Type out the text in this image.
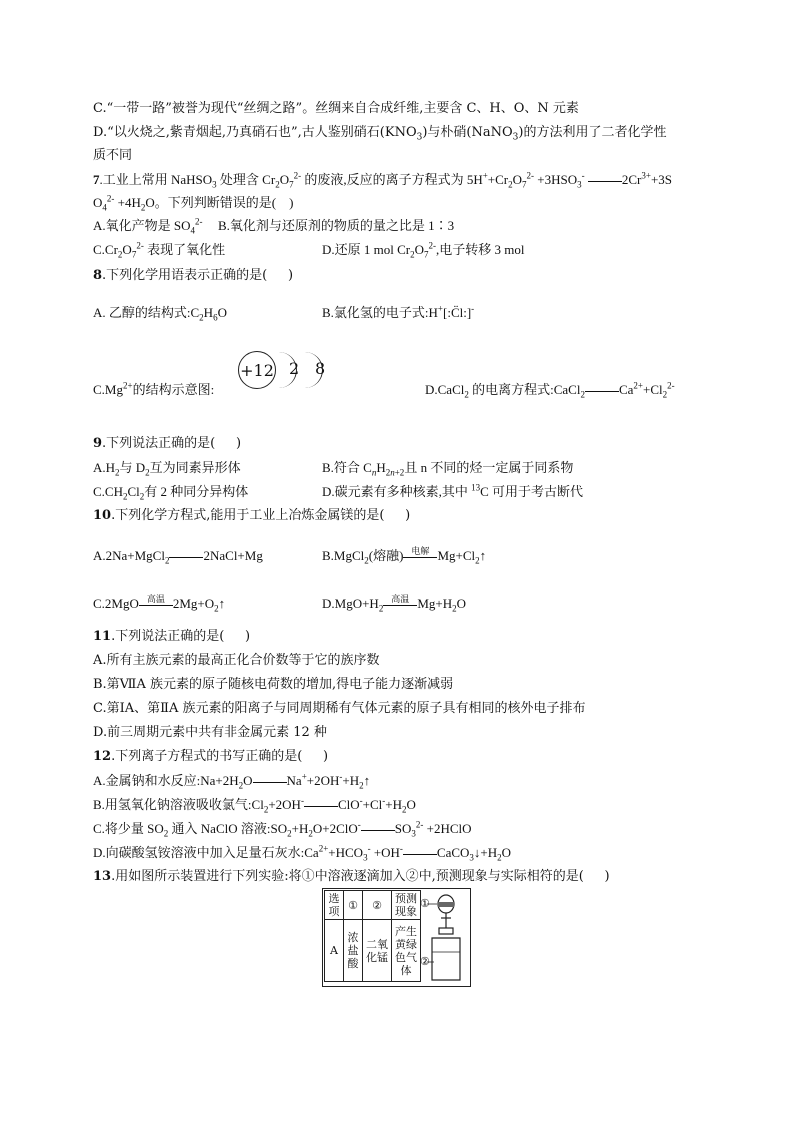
C.“一带一路”被誉为现代“丝绸之路”。丝绸来自合成纤维,主要含 C、H、O、N 元素
D.“以火烧之,紫青烟起,乃真硝石也”,古人鉴别硝石$(KNO_3)$与朴硝(NaNO$_3$)的方法利用了二者化学性
质不同
7.工业上常用 NaHSO$_3$ 处理含 $Cr_2O_7^{2-}$ 的废液,反应的离子方程式为 $5H^++Cr_2O_7^{2-} +3HSO_3^-$	$2Cr^{3+}+3S$
$O_4^{2-} +4H_2O$。下列判断错误的是( )
A.氧化产物是 $SO_4^{2-}$	B.氧化剂与还原剂的物质的量之比是 1∶3
$C.Cr_2O_7^{2-}$ 表现了氧化性	D.还原 1 mol $Cr_2O_7^{2-}$,电子转移 3 mol
8.下列化学用语表示正确的是( )
A. 乙醇的结构式$:C_2H_6O$	B.氯化氢的电子式:H+[:C̈l:]-
$C.Mg^{2+}$的结构示意图:
+12 2 8
D.CaCl$_2$ 的电离方程式:CaCl$_2$	$Ca^{2+}+Cl_2^{2-}$
9.下列说法正确的是( )
$A.H_2$与 $D_2$互为同素异形体	B.符合 $C_nH_{2n+2}$且 n 不同的烃一定属于同系物
$C.CH_2Cl_2$有 2 种同分异构体	D.碳元素有多种核素,其中 $^{13}$C 可用于考古断代
10.下列化学方程式,能用于工业上冶炼金属镁的是( )
A.2Na+MgCl$_2$	2NaCl+Mg	B.MgCl$_2$(熔融) 电解 $Mg+Cl_2↑$
C.2MgO 高温 $2Mg+O_2↑$	$D.MgO+H_2$
高温 $Mg+H_2O$
11.下列说法正确的是( )
A.所有主族元素的最高正化合价数等于它的族序数
B.第ⅦA 族元素的原子随核电荷数的增加,得电子能力逐渐减弱
C.第ⅠA、第ⅡA 族元素的阳离子与同周期稀有气体元素的原子具有相同的核外电子排布
D.前三周期元素中共有非金属元素 12 种
12.下列离子方程式的书写正确的是( )
A.金属钠和水反应$:Na+2H_2O$	$Na^++2OH^-+H_2↑$
B.用氢氧化钠溶液吸收氯气$:Cl_2+2OH^-$	$ClO^-+Cl^-+H_2O$
C.将少量 $SO_2$ 通入 NaClO 溶液$:SO_2+H_2O+2ClO^-$	$SO_3^{2-}$ +2HClO
D.向碳酸氢铵溶液中加入足量石灰水$:Ca^{2+}+HCO_3^- +OH^-$	$CaCO_3↓+H_2O$
13.用如图所示装置进行下列实验:将①中溶液逐滴加入②中,预测现象与实际相符的是( )
选项	①	②	预测现象
A	浓盐酸	二氧化锰	产生黄绿色气体
①
②
